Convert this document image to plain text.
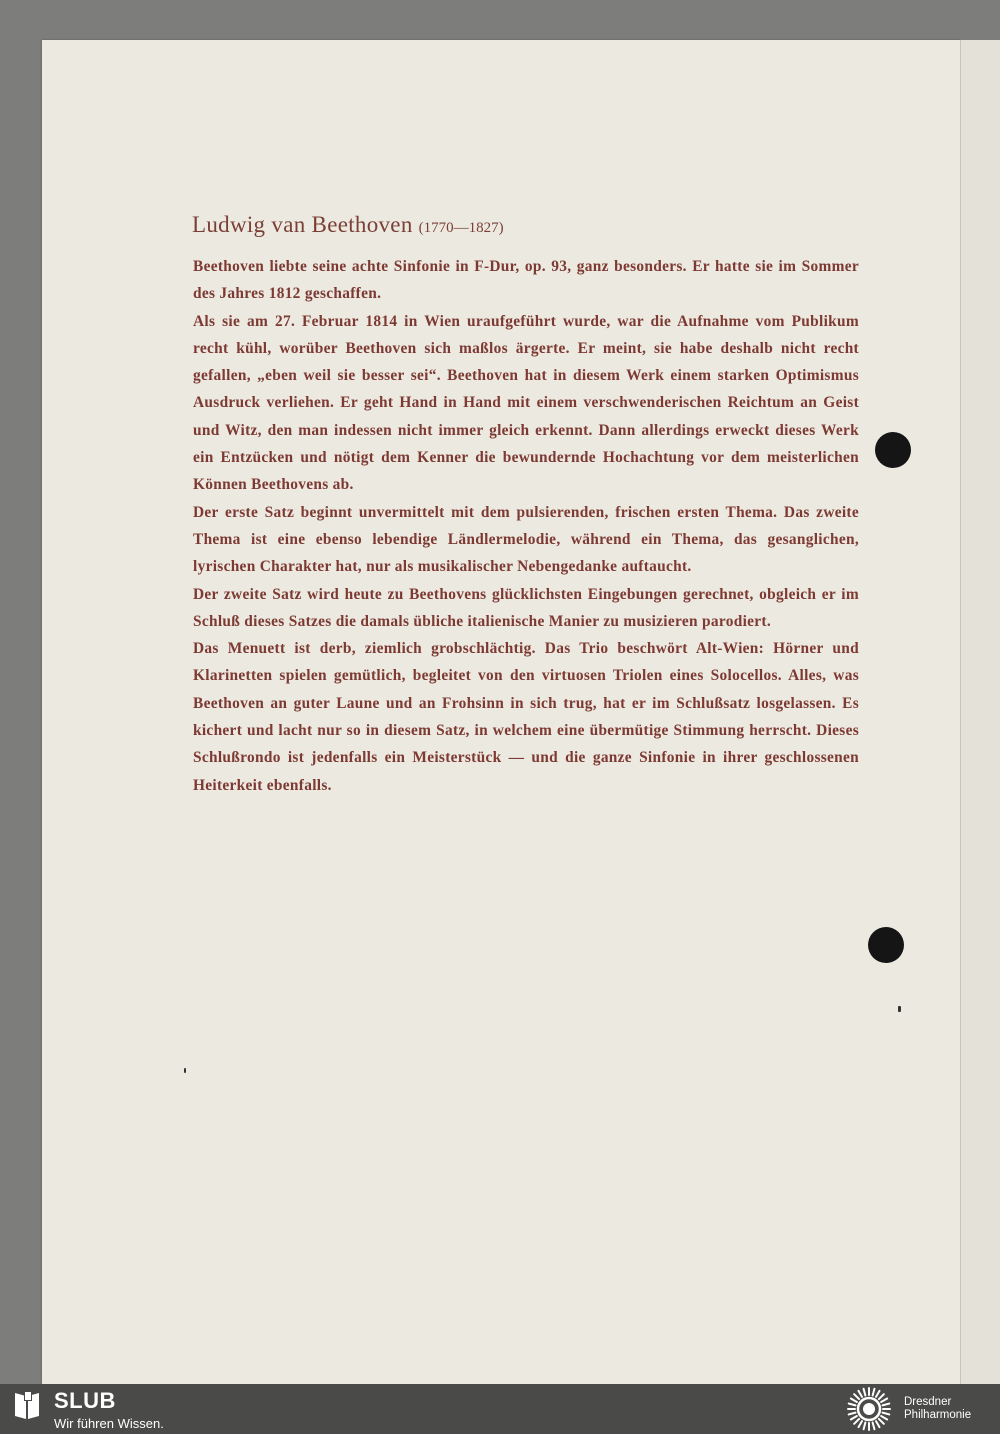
Ludwig van Beethoven (1770—1827)

Beethoven liebte seine achte Sinfonie in F-Dur, op. 93, ganz besonders. Er hatte sie im Sommer des Jahres 1812 geschaffen.

Als sie am 27. Februar 1814 in Wien uraufgeführt wurde, war die Aufnahme vom Publikum recht kühl, worüber Beethoven sich maßlos ärgerte. Er meint, sie habe deshalb nicht recht gefallen, „eben weil sie besser sei“. Beethoven hat in diesem Werk einem starken Optimismus Ausdruck verliehen. Er geht Hand in Hand mit einem verschwenderischen Reichtum an Geist und Witz, den man indessen nicht immer gleich erkennt. Dann allerdings erweckt dieses Werk ein Entzücken und nötigt dem Kenner die bewundernde Hochachtung vor dem meisterlichen Können Beethovens ab.

Der erste Satz beginnt unvermittelt mit dem pulsierenden, frischen ersten Thema. Das zweite Thema ist eine ebenso lebendige Ländlermelodie, während ein Thema, das gesanglichen, lyrischen Charakter hat, nur als musikalischer Nebengedanke auftaucht.

Der zweite Satz wird heute zu Beethovens glücklichsten Eingebungen gerechnet, obgleich er im Schluß dieses Satzes die damals übliche italienische Manier zu musizieren parodiert.

Das Menuett ist derb, ziemlich grobschlächtig. Das Trio beschwört Alt-Wien: Hörner und Klarinetten spielen gemütlich, begleitet von den virtuosen Triolen eines Solocellos. Alles, was Beethoven an guter Laune und an Frohsinn in sich trug, hat er im Schlußsatz losgelassen. Es kichert und lacht nur so in diesem Satz, in welchem eine übermütige Stimmung herrscht. Dieses Schlußrondo ist jedenfalls ein Meisterstück — und die ganze Sinfonie in ihrer geschlossenen Heiterkeit ebenfalls.

SLUB
Wir führen Wissen.
Dresdner
Philharmonie
